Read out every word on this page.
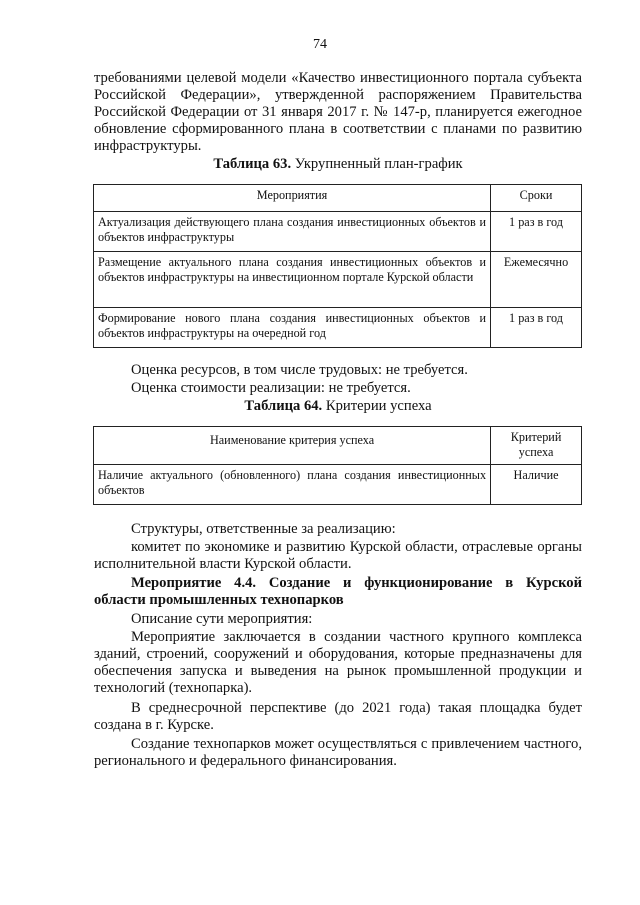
74
требованиями целевой модели «Качество инвестиционного портала субъекта Российской Федерации», утвержденной распоряжением Правительства Российской Федерации от 31 января 2017 г. № 147-р, планируется ежегодное обновление сформированного плана в соответствии с планами по развитию инфраструктуры.
Таблица 63. Укрупненный план-график
Мероприятия	Сроки
Актуализация действующего плана создания инвестиционных объектов и объектов инфраструктуры	1 раз в год
Размещение актуального плана создания инвестиционных объектов и объектов инфраструктуры на инвестиционном портале Курской области	Ежемесячно
Формирование нового плана создания инвестиционных объектов и объектов инфраструктуры на очередной год	1 раз в год
Оценка ресурсов, в том числе трудовых: не требуется.
Оценка стоимости реализации: не требуется.
Таблица 64. Критерии успеха
Наименование критерия успеха	Критерий успеха
Наличие актуального (обновленного) плана создания инвестиционных объектов	Наличие
Структуры, ответственные за реализацию:
комитет по экономике и развитию Курской области, отраслевые органы исполнительной власти Курской области.
Мероприятие 4.4. Создание и функционирование в Курской области промышленных технопарков
Описание сути мероприятия:
Мероприятие заключается в создании частного крупного комплекса зданий, строений, сооружений и оборудования, которые предназначены для обеспечения запуска и выведения на рынок промышленной продукции и технологий (технопарка).
В среднесрочной перспективе (до 2021 года) такая площадка будет создана в г. Курске.
Создание технопарков может осуществляться с привлечением частного, регионального и федерального финансирования.
